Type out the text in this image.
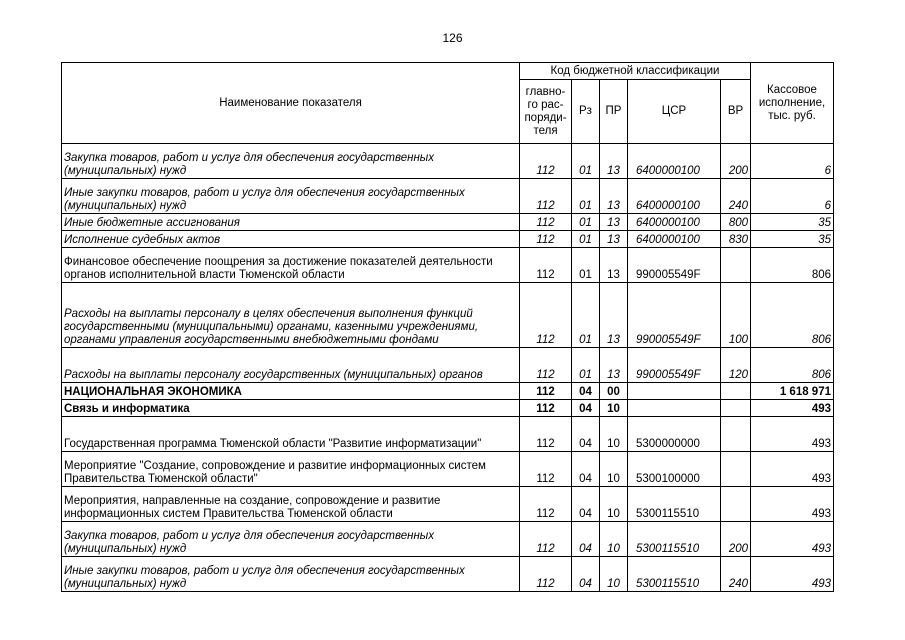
126
Наименование показателя	Код бюджетной классификации					Кассовое исполнение, тыс. руб.
	главно-го рас-поряди-теля	Рз	ПР	ЦСР	ВР	
Закупка товаров, работ и услуг для обеспечения государственных (муниципальных) нужд	112	01	13	6400000100	200	6
Иные закупки товаров, работ и услуг для обеспечения государственных (муниципальных) нужд	112	01	13	6400000100	240	6
Иные бюджетные ассигнования	112	01	13	6400000100	800	35
Исполнение судебных актов	112	01	13	6400000100	830	35
Финансовое обеспечение поощрения за достижение показателей деятельности органов исполнительной власти Тюменской области	112	01	13	990005549F		806
Расходы на выплаты персоналу в целях обеспечения выполнения функций государственными (муниципальными) органами, казенными учреждениями, органами управления государственными внебюджетными фондами	112	01	13	990005549F	100	806
Расходы на выплаты персоналу государственных (муниципальных) органов	112	01	13	990005549F	120	806
НАЦИОНАЛЬНАЯ ЭКОНОМИКА	112	04	00			1 618 971
Связь и информатика	112	04	10			493
Государственная программа Тюменской области "Развитие информатизации"	112	04	10	5300000000		493
Мероприятие "Создание, сопровождение и развитие информационных систем Правительства Тюменской области"	112	04	10	5300100000		493
Мероприятия, направленные на создание, сопровождение и развитие информационных систем Правительства Тюменской области	112	04	10	5300115510		493
Закупка товаров, работ и услуг для обеспечения государственных (муниципальных) нужд	112	04	10	5300115510	200	493
Иные закупки товаров, работ и услуг для обеспечения государственных (муниципальных) нужд	112	04	10	5300115510	240	493
